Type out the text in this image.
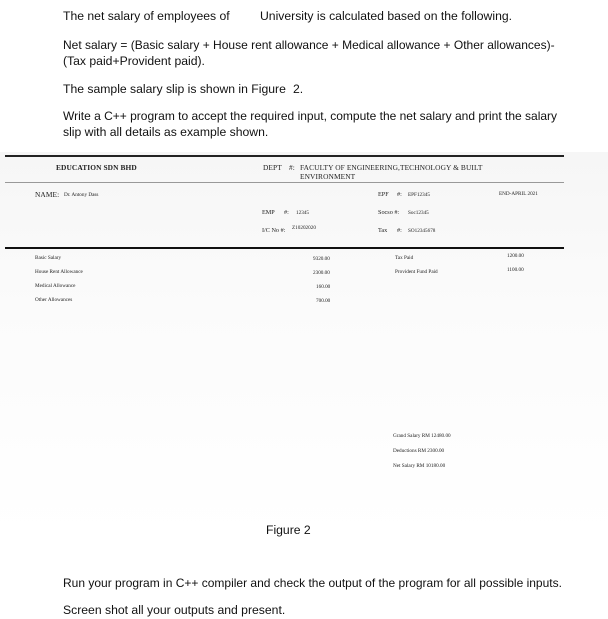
The net salary of employees of University is calculated based on the following.
Net salary = (Basic salary + House rent allowance + Medical allowance + Other allowances)-
(Tax paid+Provident paid).
The sample salary slip is shown in Figure 2.
Write a C++ program to accept the required input, compute the net salary and print the salary
slip with all details as example shown.
EDUCATION SDN BHD	DEPT #: FACULTY OF ENGINEERING,TECHNOLOGY & BUILT
ENVIRONMENT
NAME: Dr. Antony Dass	EPF #: EPF12345	END-APRIL 2021
EMP #: 12345	Socso #: Soc12345
I/C No #: Z10202020	Tax #: SO12345678
Basic Salary	9320.00
House Rent Allowance	2300.00
Medical Allowance	160.00
Other Allowances	700.00
Tax Paid	1200.00
Provident Fund Paid	1100.00
Grand Salary RM 12480.00
Deductions RM 2300.00
Net Salary RM 10180.00
Figure 2
Run your program in C++ compiler and check the output of the program for all possible inputs.
Screen shot all your outputs and present.
